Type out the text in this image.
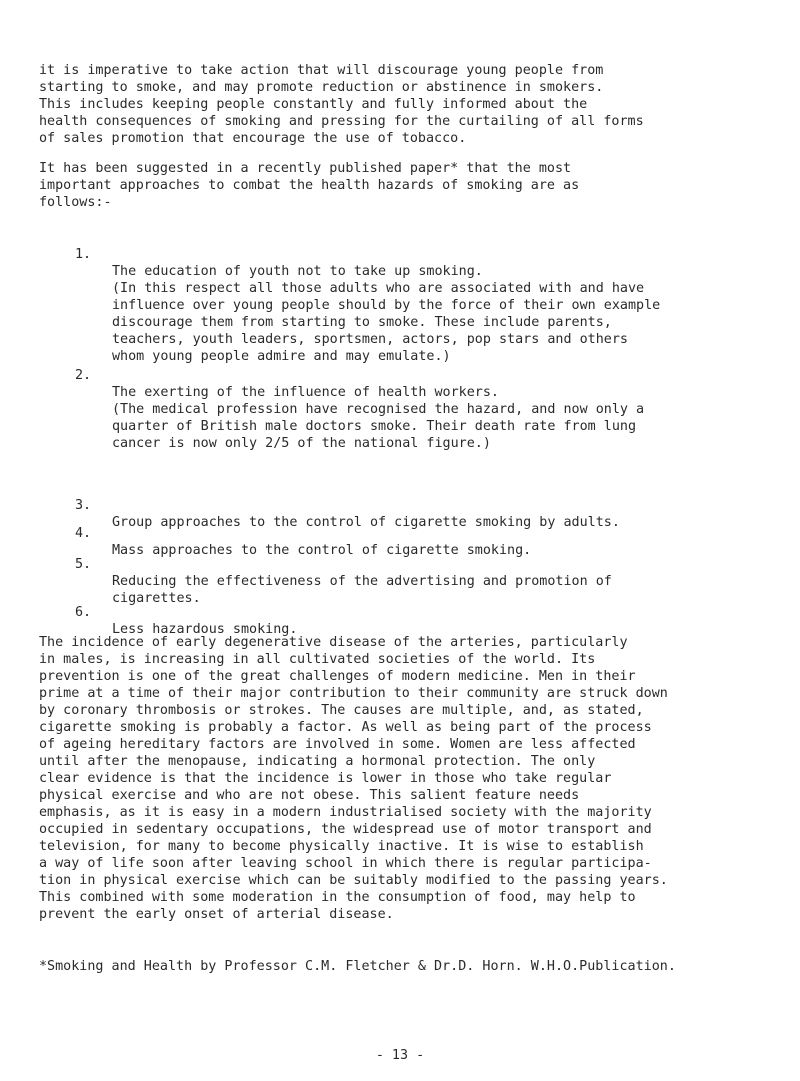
it is imperative to take action that will discourage young people from
starting to smoke, and may promote reduction or abstinence in smokers.
This includes keeping people constantly and fully informed about the
health consequences of smoking and pressing for the curtailing of all forms
of sales promotion that encourage the use of tobacco.
It has been suggested in a recently published paper* that the most
important approaches to combat the health hazards of smoking are as
follows:-

1.

The education of youth not to take up smoking.
(In this respect all those adults who are associated with and have
influence over young people should by the force of their own example
discourage them from starting to smoke. These include parents,
teachers, youth leaders, sportsmen, actors, pop stars and others
whom young people admire and may emulate.)

2.

The exerting of the influence of health workers.
(The medical profession have recognised the hazard, and now only a
quarter of British male doctors smoke. Their death rate from lung
cancer is now only 2/5 of the national figure.)

3.

Group approaches to the control of cigarette smoking by adults.

4.

Mass approaches to the control of cigarette smoking.

5.

Reducing the effectiveness of the advertising and promotion of
cigarettes.

6.

Less hazardous smoking.

The incidence of early degenerative disease of the arteries, particularly
in males, is increasing in all cultivated societies of the world. Its
prevention is one of the great challenges of modern medicine. Men in their
prime at a time of their major contribution to their community are struck down
by coronary thrombosis or strokes. The causes are multiple, and, as stated,
cigarette smoking is probably a factor. As well as being part of the process
of ageing hereditary factors are involved in some. Women are less affected
until after the menopause, indicating a hormonal protection. The only
clear evidence is that the incidence is lower in those who take regular
physical exercise and who are not obese. This salient feature needs
emphasis, as it is easy in a modern industrialised society with the majority
occupied in sedentary occupations, the widespread use of motor transport and
television, for many to become physically inactive. It is wise to establish
a way of life soon after leaving school in which there is regular participa-
tion in physical exercise which can be suitably modified to the passing years.
This combined with some moderation in the consumption of food, may help to
prevent the early onset of arterial disease.
*Smoking and Health by Professor C.M. Fletcher & Dr.D. Horn. W.H.O.Publication.
- 13 -
